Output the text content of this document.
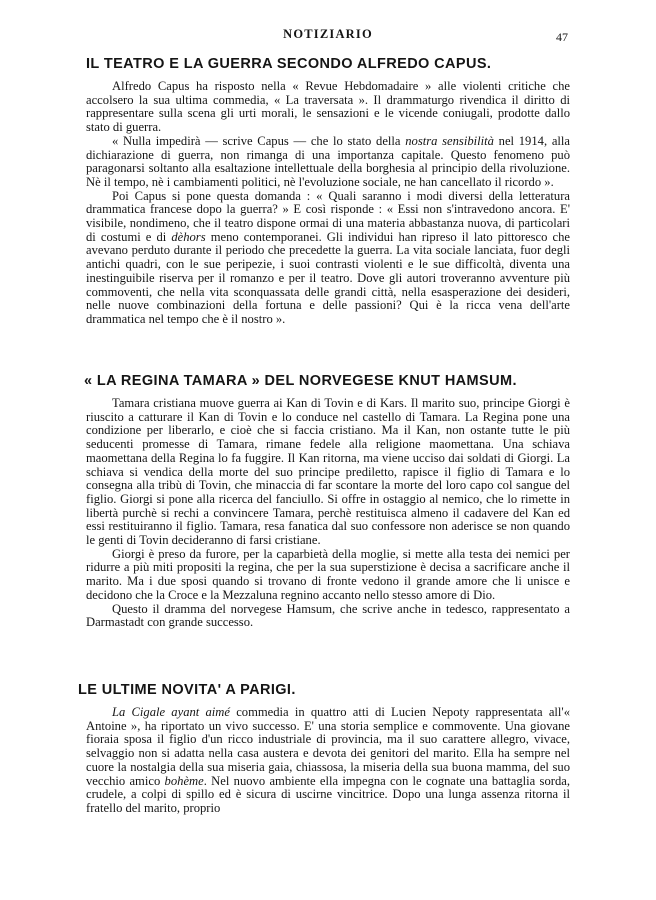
NOTIZIARIO	47
IL TEATRO E LA GUERRA SECONDO ALFREDO CAPUS.

Alfredo Capus ha risposto nella « Revue Hebdomadaire » alle violenti critiche che accolsero la sua ultima commedia, « La traversata ». Il drammaturgo rivendica il diritto di rappresentare sulla scena gli urti morali, le sensazioni e le vicende coniugali, prodotte dallo stato di guerra.

« Nulla impedirà — scrive Capus — che lo stato della nostra sensibilità nel 1914, alla dichiarazione di guerra, non rimanga di una importanza capitale. Questo fenomeno può paragonarsi soltanto alla esaltazione intellettuale della borghesia al principio della rivoluzione. Nè il tempo, nè i cambiamenti politici, nè l'evoluzione sociale, ne han cancellato il ricordo ».

Poi Capus si pone questa domanda : « Quali saranno i modi diversi della letteratura drammatica francese dopo la guerra? » E così risponde : « Essi non s'intravedono ancora. E' visibile, nondimeno, che il teatro dispone ormai di una materia abbastanza nuova, di particolari di costumi e di dèhors meno contemporanei. Gli individui han ripreso il lato pittoresco che avevano perduto durante il periodo che precedette la guerra. La vita sociale lanciata, fuor degli antichi quadri, con le sue peripezie, i suoi contrasti violenti e le sue difficoltà, diventa una inestinguibile riserva per il romanzo e per il teatro. Dove gli autori troveranno avventure più commoventi, che nella vita sconquassata delle grandi città, nella esasperazione dei desideri, nelle nuove combinazioni della fortuna e delle passioni? Qui è la ricca vena dell'arte drammatica nel tempo che è il nostro ».

« LA REGINA TAMARA » DEL NORVEGESE KNUT HAMSUM.

Tamara cristiana muove guerra ai Kan di Tovin e di Kars. Il marito suo, principe Giorgi è riuscito a catturare il Kan di Tovin e lo conduce nel castello di Tamara. La Regina pone una condizione per liberarlo, e cioè che si faccia cristiano. Ma il Kan, non ostante tutte le più seducenti promesse di Tamara, rimane fedele alla religione maomettana. Una schiava maomettana della Regina lo fa fuggire. Il Kan ritorna, ma viene ucciso dai soldati di Giorgi. La schiava si vendica della morte del suo principe prediletto, rapisce il figlio di Tamara e lo consegna alla tribù di Tovin, che minaccia di far scontare la morte del loro capo col sangue del figlio. Giorgi si pone alla ricerca del fanciullo. Si offre in ostaggio al nemico, che lo rimette in libertà purchè si rechi a convincere Tamara, perchè restituisca almeno il cadavere del Kan ed essi restituiranno il figlio. Tamara, resa fanatica dal suo confessore non aderisce se non quando le genti di Tovin decideranno di farsi cristiane.

Giorgi è preso da furore, per la caparbietà della moglie, si mette alla testa dei nemici per ridurre a più miti propositi la regina, che per la sua superstizione è decisa a sacrificare anche il marito. Ma i due sposi quando si trovano di fronte vedono il grande amore che li unisce e decidono che la Croce e la Mezzaluna regnino accanto nello stesso amore di Dio.

Questo il dramma del norvegese Hamsum, che scrive anche in tedesco, rappresentato a Darmastadt con grande successo.

LE ULTIME NOVITA' A PARIGI.

La Cigale ayant aimé commedia in quattro atti di Lucien Nepoty rappresentata all'« Antoine », ha riportato un vivo successo. E' una storia semplice e commovente. Una giovane fioraia sposa il figlio d'un ricco industriale di provincia, ma il suo carattere allegro, vivace, selvaggio non si adatta nella casa austera e devota dei genitori del marito. Ella ha sempre nel cuore la nostalgia della sua miseria gaia, chiassosa, la miseria della sua buona mamma, del suo vecchio amico bohème. Nel nuovo ambiente ella impegna con le cognate una battaglia sorda, crudele, a colpi di spillo ed è sicura di uscirne vincitrice. Dopo una lunga assenza ritorna il fratello del marito, proprio
